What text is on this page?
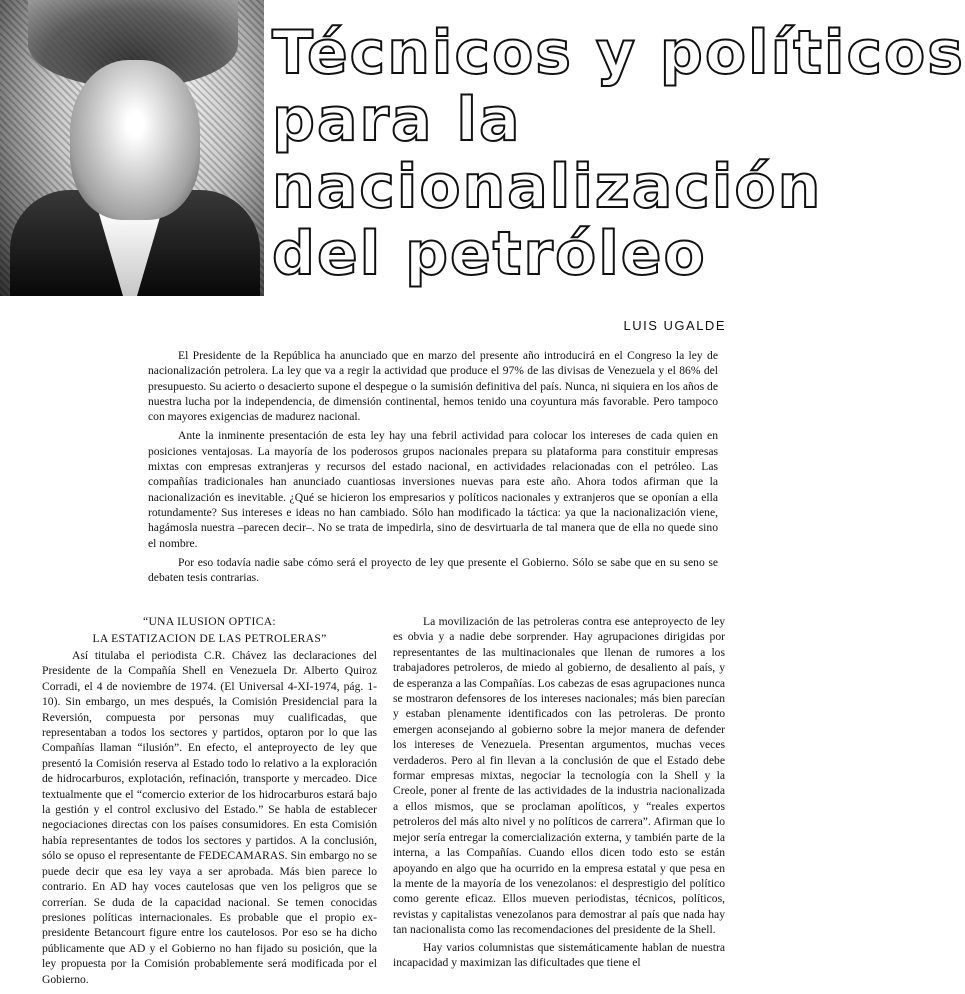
Técnicos y políticos
para la
nacionalización
del petróleo
LUIS UGALDE

El Presidente de la República ha anunciado que en marzo del presente año introducirá en el Congreso la ley de nacionalización petrolera. La ley que va a regir la actividad que produce el 97% de las divisas de Venezuela y el 86% del presupuesto. Su acierto o desacierto supone el despegue o la sumisión definitiva del país. Nunca, ni siquiera en los años de nuestra lucha por la independencia, de dimensión continental, hemos tenido una coyuntura más favorable. Pero tampoco con mayores exigencias de madurez nacional.

Ante la inminente presentación de esta ley hay una febril actividad para colocar los intereses de cada quien en posiciones ventajosas. La mayoría de los poderosos grupos nacionales prepara su plataforma para constituir empresas mixtas con empresas extranjeras y recursos del estado nacional, en actividades relacionadas con el petróleo. Las compañías tradicionales han anunciado cuantiosas inversiones nuevas para este año. Ahora todos afirman que la nacionalización es inevitable. ¿Qué se hicieron los empresarios y políticos nacionales y extranjeros que se oponían a ella rotundamente? Sus intereses e ideas no han cambiado. Sólo han modificado la táctica: ya que la nacionalización viene, hagámosla nuestra –parecen decir–. No se trata de impedirla, sino de desvirtuarla de tal manera que de ella no quede sino el nombre.

Por eso todavía nadie sabe cómo será el proyecto de ley que presente el Gobierno. Sólo se sabe que en su seno se debaten tesis contrarias.

“UNA ILUSION OPTICA:
LA ESTATIZACION DE LAS PETROLERAS”

Así titulaba el periodista C.R. Chávez las declaraciones del Presidente de la Compañía Shell en Venezuela Dr. Alberto Quiroz Corradi, el 4 de noviembre de 1974. (El Universal 4-XI-1974, pág. 1-10). Sin embargo, un mes después, la Comisión Presidencial para la Reversión, compuesta por personas muy cualificadas, que representaban a todos los sectores y partidos, optaron por lo que las Compañías llaman “ilusión”. En efecto, el anteproyecto de ley que presentó la Comisión reserva al Estado todo lo relativo a la exploración de hidrocarburos, explotación, refinación, transporte y mercadeo. Dice textualmente que el “comercio exterior de los hidrocarburos estará bajo la gestión y el control exclusivo del Estado.” Se habla de establecer negociaciones directas con los países consumidores. En esta Comisión había representantes de todos los sectores y partidos. A la conclusión, sólo se opuso el representante de FEDECAMARAS. Sin embargo no se puede decir que esa ley vaya a ser aprobada. Más bien parece lo contrario. En AD hay voces cautelosas que ven los peligros que se correrían. Se duda de la capacidad nacional. Se temen conocidas presiones políticas internacionales. Es probable que el propio ex-presidente Betancourt figure entre los cautelosos. Por eso se ha dicho públicamente que AD y el Gobierno no han fijado su posición, que la ley propuesta por la Comisión probablemente será modificada por el Gobierno.

La movilización de las petroleras contra ese anteproyecto de ley es obvia y a nadie debe sorprender. Hay agrupaciones dirigidas por representantes de las multinacionales que llenan de rumores a los trabajadores petroleros, de miedo al gobierno, de desaliento al país, y de esperanza a las Compañías. Los cabezas de esas agrupaciones nunca se mostraron defensores de los intereses nacionales; más bien parecían y estaban plenamente identificados con las petroleras. De pronto emergen aconsejando al gobierno sobre la mejor manera de defender los intereses de Venezuela. Presentan argumentos, muchas veces verdaderos. Pero al fin llevan a la conclusión de que el Estado debe formar empresas mixtas, negociar la tecnología con la Shell y la Creole, poner al frente de las actividades de la industria nacionalizada a ellos mismos, que se proclaman apolíticos, y “reales expertos petroleros del más alto nivel y no políticos de carrera”. Afirman que lo mejor sería entregar la comercialización externa, y también parte de la interna, a las Compañías. Cuando ellos dicen todo esto se están apoyando en algo que ha ocurrido en la empresa estatal y que pesa en la mente de la mayoría de los venezolanos: el desprestigio del político como gerente eficaz. Ellos mueven periodistas, técnicos, políticos, revistas y capitalistas venezolanos para demostrar al país que nada hay tan nacionalista como las recomendaciones del presidente de la Shell.

Hay varios columnistas que sistemáticamente hablan de nuestra incapacidad y maximizan las dificultades que tiene el
